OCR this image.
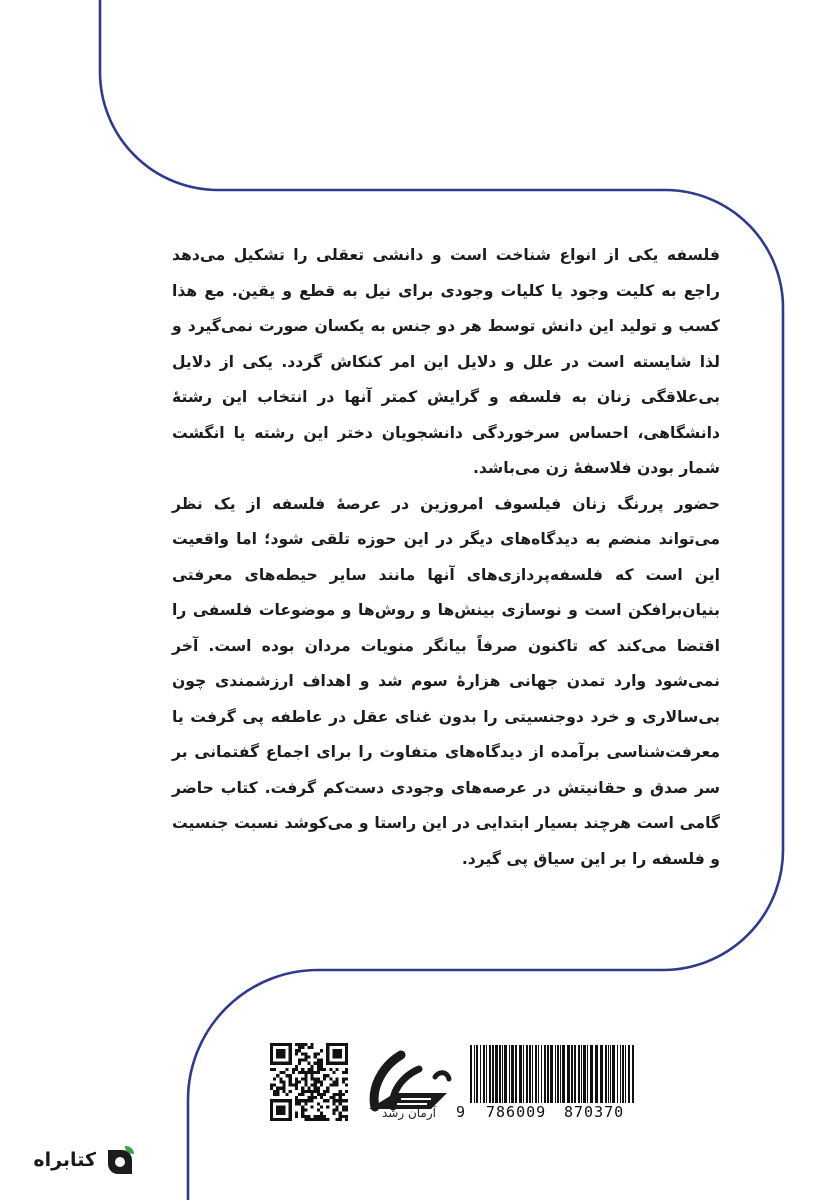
فلسفه یکی از انواع شناخت است و دانشی تعقلی را تشکیل می‌دهد راجع به کلیت وجود یا کلیات وجودی برای نیل به قطع و یقین. مع هذا کسب و تولید این دانش توسط هر دو جنس به یکسان صورت نمی‌گیرد و لذا شایسته است در علل و دلایل این امر کنکاش گردد. یکی از دلایل بی‌علاقگی زنان به فلسفه و گرایش کمتر آنها در انتخاب این رشتهٔ دانشگاهی، احساس سرخوردگی دانشجویان دختر این رشته یا انگشت شمار بودن فلاسفهٔ زن می‌باشد.

حضور پررنگ زنان فیلسوف امروزین در عرصهٔ فلسفه از یک نظر می‌تواند منضم به دیدگاه‌های دیگر در این حوزه تلقی شود؛ اما واقعیت این است که فلسفه‌پردازی‌های آنها مانند سایر حیطه‌های معرفتی بنیان‌برافکن است و نوسازی بینش‌ها و روش‌ها و موضوعات فلسفی را اقتضا می‌کند که تاکنون صرفاً بیانگر منویات مردان بوده است. آخر نمی‌شود وارد تمدن جهانی هزارهٔ سوم شد و اهداف ارزشمندی چون بی‌سالاری و خرد دوجنسیتی را بدون غنای عقل در عاطفه پی گرفت یا معرفت‌شناسی برآمده از دیدگاه‌های متفاوت را برای اجماع گفتمانی بر سر صدق و حقانیتش در عرصه‌های وجودی دست‌کم گرفت. کتاب حاضر گامی است هرچند بسیار ابتدایی در این راستا و می‌کوشد نسبت جنسیت و فلسفه را بر این سیاق پی گیرد.

آرمان رشد	9 786009 870370
کتابراه
